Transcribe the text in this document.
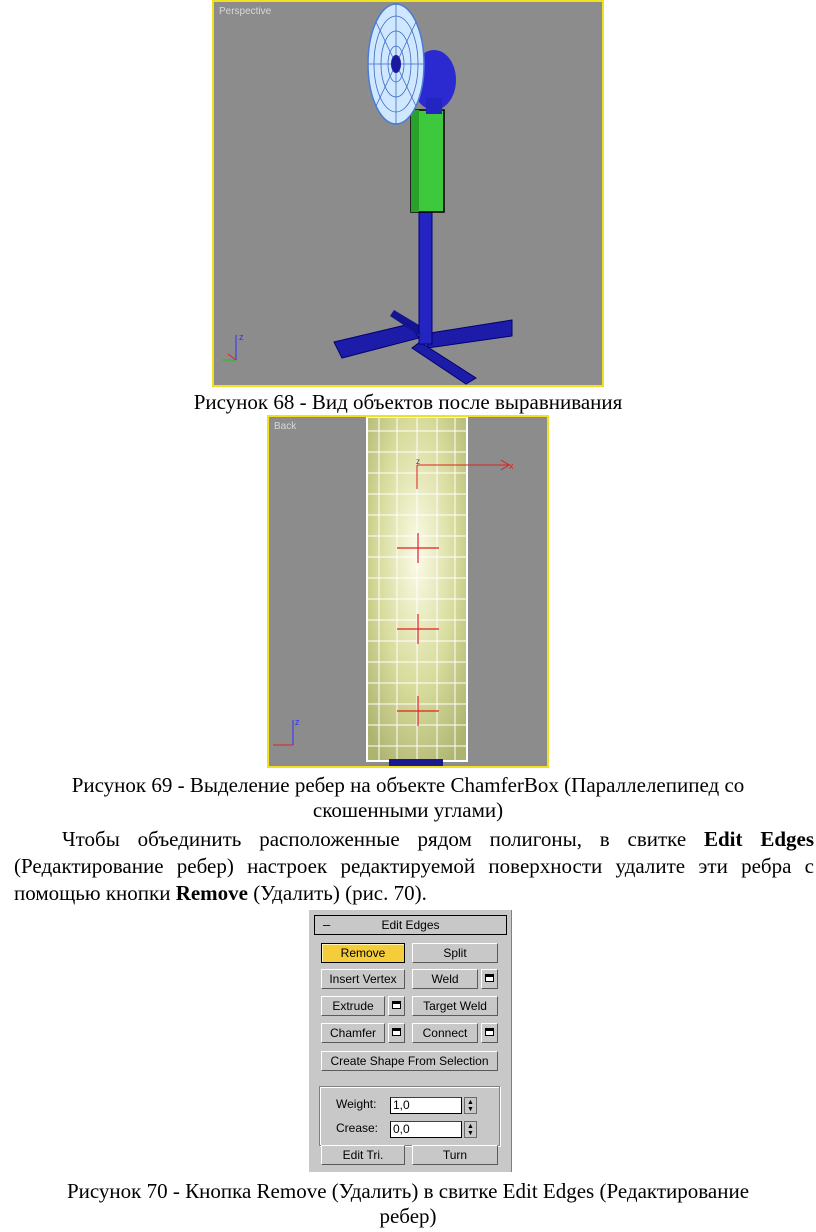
Perspective
z
Рисунок 68 - Вид объектов после выравнивания
Back
x
z
z
Рисунок 69 - Выделение ребер на объекте ChamferBox (Параллелепипед со
скошенными углами)
Чтобы объединить расположенные рядом полигоны, в свитке Edit Edges (Редактирование ребер) настроек редактируемой поверхности удалите эти ребра с помощью кнопки Remove (Удалить) (рис. 70).
–	Edit Edges
Remove	Split
Insert Vertex	Weld
Extrude	Target Weld
Chamfer	Connect
Create Shape From Selection
Weight: 1,0	▲
▼
Crease: 0,0	▲
▼
Edit Tri.	Turn
Рисунок 70 - Кнопка Remove (Удалить) в свитке Edit Edges (Редактирование
ребер)
